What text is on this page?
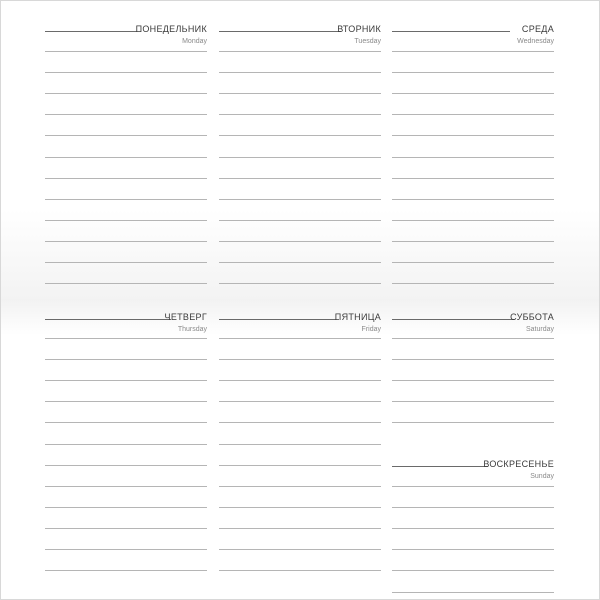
ПОНЕДЕЛЬНИК
Monday
ВТОРНИК
Tuesday
СРЕДА
Wednesday
ЧЕТВЕРГ
Thursday
ПЯТНИЦА
Friday
СУББОТА
Saturday
ВОСКРЕСЕНЬЕ
Sunday
